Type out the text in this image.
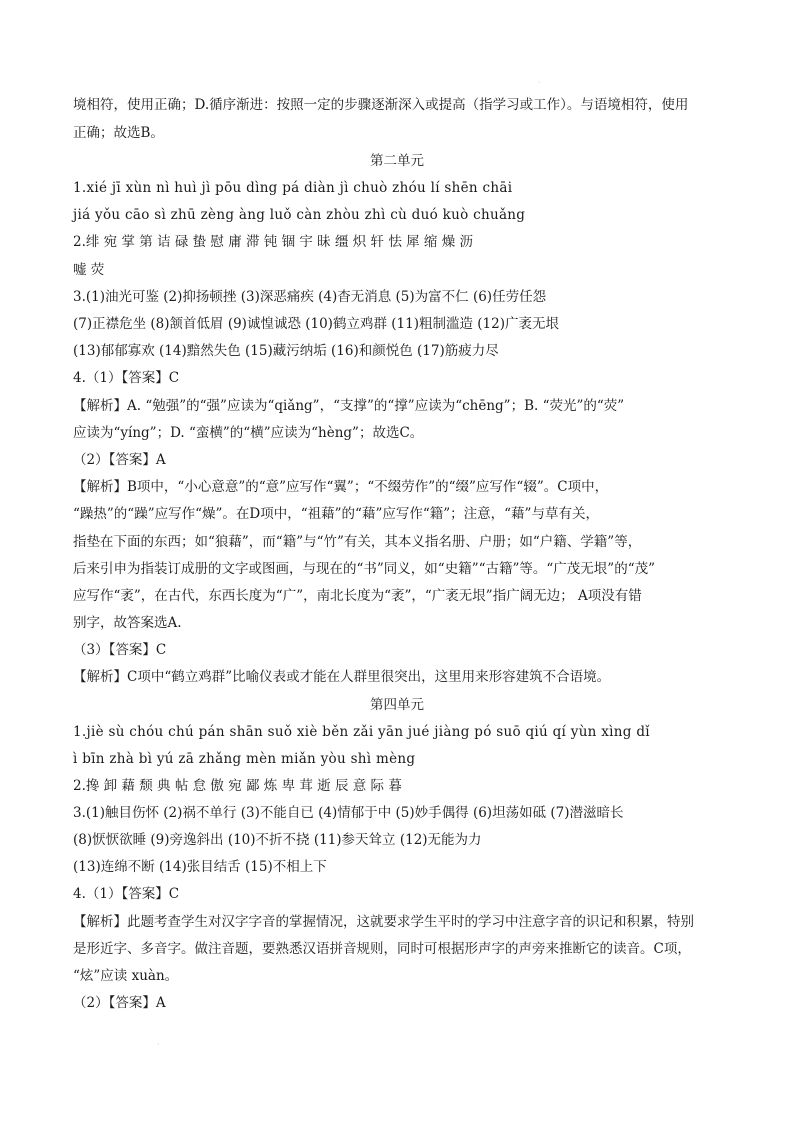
·
境相符，使用正确；D.循序渐进：按照一定的步骤逐渐深入或提高（指学习或工作）。与语境相符，使用
正确；故选B。
第二单元
1.xié jī xùn nì huì jì pōu dìng pá diàn jì chuò zhóu lí shēn chāi
jiá yǒu cāo sì zhū zèng àng luǒ càn zhòu zhì cù duó kuò chuǎng
2.绯 宛 掌 第 诘 碌 蛰 慰 庸 滞 钝 锢 宇 昧 缰 炽 轩 怯 犀 缩 燥 沥
嘘 荧
3.(1)油光可鉴 (2)抑扬顿挫 (3)深恶痛疾 (4)杳无消息 (5)为富不仁 (6)任劳任怨
(7)正襟危坐 (8)颔首低眉 (9)诚惶诚恐 (10)鹤立鸡群 (11)粗制滥造 (12)广袤无垠
(13)郁郁寡欢 (14)黯然失色 (15)藏污纳垢 (16)和颜悦色 (17)筋疲力尽
4.（1）【答案】C
【解析】A. “勉强”的“强”应读为“qiǎng”，“支撑”的“撑”应读为“chēng”；B. “荧光”的“荧”
应读为“yíng”；D. “蛮横”的“横”应读为“hèng”；故选C。
（2）【答案】A
【解析】B项中，“小心意意”的“意”应写作“翼”；“不缀劳作”的“缀”应写作“辍”。C项中，
“躁热”的“躁”应写作“燥”。在D项中，“祖藉”的“藉”应写作“籍”；注意，“藉”与草有关，
指垫在下面的东西；如“狼藉”，而“籍”与“竹”有关，其本义指名册、户册；如“户籍、学籍”等，
后来引申为指装订成册的文字或图画，与现在的“书”同义，如“史籍”“古籍”等。“广茂无垠”的“茂”
应写作“袤”，在古代，东西长度为“广”，南北长度为“袤”，“广袤无垠”指广阔无边； A项没有错
别字，故答案选A.
（3）【答案】C
【解析】C项中“鹤立鸡群”比喻仪表或才能在人群里很突出，这里用来形容建筑不合语境。
第四单元
1.jiè sù chóu chú pán shān suǒ xiè běn zǎi yān jué jiàng pó suō qiú qí yùn xìng dǐ
ì bīn zhà bì yú zā zhǎng mèn miǎn yòu shì mèng
2.搀 卸 藉 颓 典 帖 怠 傲 宛 鄙 炼 卑 茸 逝 辰 意 际 暮
3.(1)触目伤怀 (2)祸不单行 (3)不能自已 (4)情郁于中 (5)妙手偶得 (6)坦荡如砥 (7)潜滋暗长
(8)恹恹欲睡 (9)旁逸斜出 (10)不折不挠 (11)参天耸立 (12)无能为力
(13)连绵不断 (14)张目结舌 (15)不相上下
4.（1）【答案】C
【解析】此题考查学生对汉字字音的掌握情况，这就要求学生平时的学习中注意字音的识记和积累，特别
是形近字、多音字。做注音题，要熟悉汉语拼音规则，同时可根据形声字的声旁来推断它的读音。C项，
“炫”应读 xuàn。
（2）【答案】A
·
